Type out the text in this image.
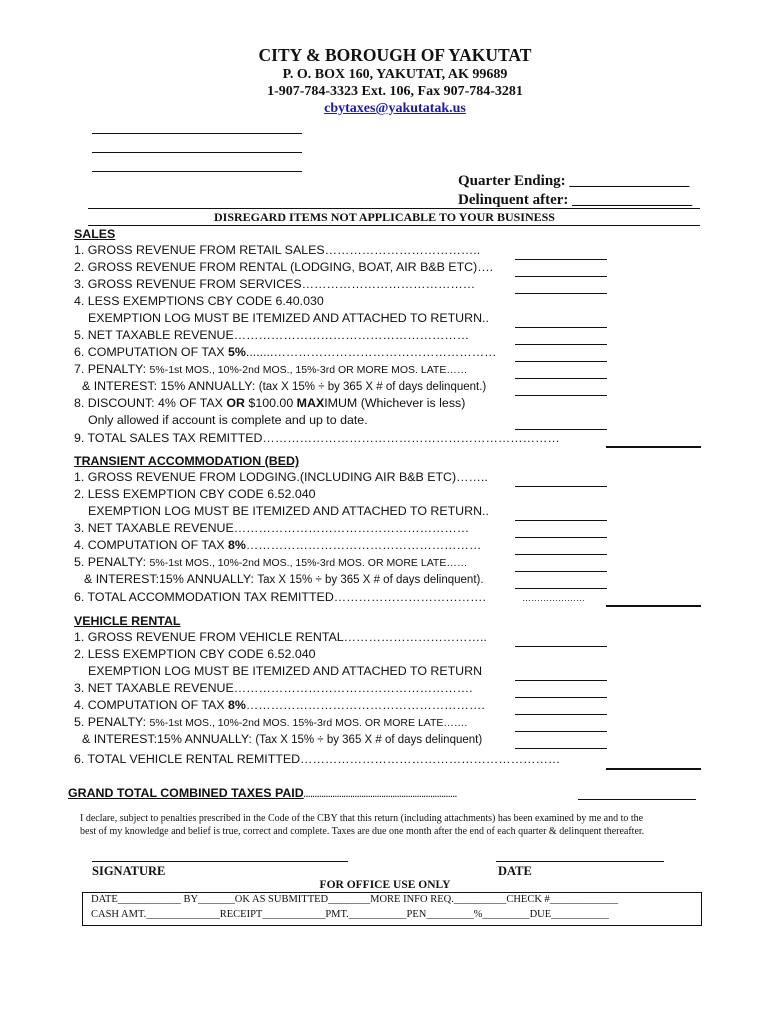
CITY & BOROUGH OF YAKUTAT
P. O. BOX 160, YAKUTAT, AK 99689
1-907-784-3323 Ext. 106, Fax 907-784-3281
cbytaxes@yakutatak.us
Quarter Ending: ________________
Delinquent after: ________________
DISREGARD ITEMS NOT APPLICABLE TO YOUR BUSINESS
SALES
1. GROSS REVENUE FROM RETAIL SALES………………………………..
2. GROSS REVENUE FROM RENTAL (LODGING, BOAT, AIR B&B ETC)….
3. GROSS REVENUE FROM SERVICES……………………………………
4. LESS EXEMPTIONS CBY CODE 6.40.030
EXEMPTION LOG MUST BE ITEMIZED AND ATTACHED TO RETURN..
5. NET TAXABLE REVENUE…………………………………………………
6. COMPUTATION OF TAX 5%........………………………………………………
7. PENALTY: 5%-1st MOS., 10%-2nd MOS., 15%-3rd OR MORE MOS. LATE……
& INTEREST: 15% ANNUALLY: (tax X 15% ÷ by 365 X # of days delinquent.)
8. DISCOUNT: 4% OF TAX OR $100.00 MAXIMUM (Whichever is less)
Only allowed if account is complete and up to date.
9. TOTAL SALES TAX REMITTED………………………………………………………………
TRANSIENT ACCOMMODATION (BED)
1. GROSS REVENUE FROM LODGING.(INCLUDING AIR B&B ETC)……..
2. LESS EXEMPTION CBY CODE 6.52.040
EXEMPTION LOG MUST BE ITEMIZED AND ATTACHED TO RETURN..
3. NET TAXABLE REVENUE…………………………………………………
4. COMPUTATION OF TAX 8%…………………………………………………
5. PENALTY: 5%-1st MOS., 10%-2nd MOS., 15%-3rd MOS. OR MORE LATE……
& INTEREST:15% ANNUALLY: Tax X 15% ÷ by 365 X # of days delinquent).
6. TOTAL ACCOMMODATION TAX REMITTED……………………………….	…………………
VEHICLE RENTAL
1. GROSS REVENUE FROM VEHICLE RENTAL……………………………..
2. LESS EXEMPTION CBY CODE 6.52.040
EXEMPTION LOG MUST BE ITEMIZED AND ATTACHED TO RETURN
3. NET TAXABLE REVENUE………………………………………………….
4. COMPUTATION OF TAX 8%………………………………………………….
5. PENALTY: 5%-1st MOS., 10%-2nd MOS. 15%-3rd MOS. OR MORE LATE…….
& INTEREST:15% ANNUALLY: (Tax X 15% ÷ by 365 X # of days delinquent)
6. TOTAL VEHICLE RENTAL REMITTED………………………………………………………
GRAND TOTAL COMBINED TAXES PAID.....................................................................
I declare, subject to penalties prescribed in the Code of the CBY that this return (including attachments) has been examined by me and to the
best of my knowledge and belief is true, correct and complete. Taxes are due one month after the end of each quarter & delinquent thereafter.
SIGNATURE	DATE
FOR OFFICE USE ONLY
DATE____________ BY_______OK AS SUBMITTED________MORE INFO REQ.__________CHECK #_____________
CASH AMT.______________RECEIPT____________PMT.___________PEN_________%_________DUE___________
